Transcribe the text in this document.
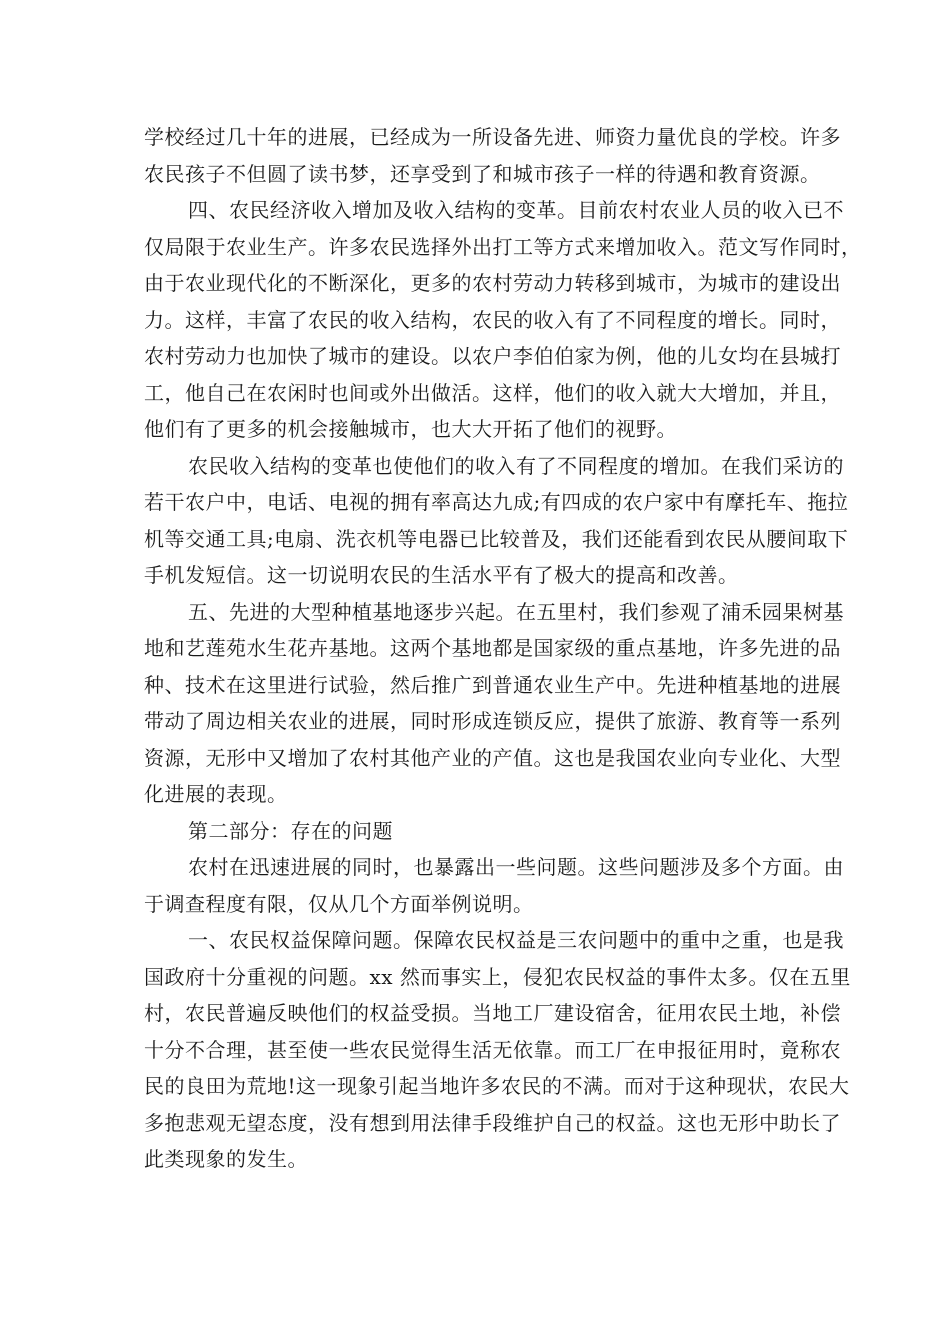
学校经过几十年的进展，已经成为一所设备先进、师资力量优良的学校。许多
农民孩子不但圆了读书梦，还享受到了和城市孩子一样的待遇和教育资源。
四、农民经济收入增加及收入结构的变革。目前农村农业人员的收入已不
仅局限于农业生产。许多农民选择外出打工等方式来增加收入。范文写作同时，
由于农业现代化的不断深化，更多的农村劳动力转移到城市，为城市的建设出
力。这样，丰富了农民的收入结构，农民的收入有了不同程度的增长。同时，
农村劳动力也加快了城市的建设。以农户李伯伯家为例，他的儿女均在县城打
工，他自己在农闲时也间或外出做活。这样，他们的收入就大大增加，并且，
他们有了更多的机会接触城市，也大大开拓了他们的视野。
农民收入结构的变革也使他们的收入有了不同程度的增加。在我们采访的
若干农户中，电话、电视的拥有率高达九成;有四成的农户家中有摩托车、拖拉
机等交通工具;电扇、洗衣机等电器已比较普及，我们还能看到农民从腰间取下
手机发短信。这一切说明农民的生活水平有了极大的提高和改善。
五、先进的大型种植基地逐步兴起。在五里村，我们参观了浦禾园果树基
地和艺莲苑水生花卉基地。这两个基地都是国家级的重点基地，许多先进的品
种、技术在这里进行试验，然后推广到普通农业生产中。先进种植基地的进展
带动了周边相关农业的进展，同时形成连锁反应，提供了旅游、教育等一系列
资源，无形中又增加了农村其他产业的产值。这也是我国农业向专业化、大型
化进展的表现。
第二部分：存在的问题
农村在迅速进展的同时，也暴露出一些问题。这些问题涉及多个方面。由
于调查程度有限，仅从几个方面举例说明。
一、农民权益保障问题。保障农民权益是三农问题中的重中之重，也是我
国政府十分重视的问题。xx 然而事实上，侵犯农民权益的事件太多。仅在五里
村，农民普遍反映他们的权益受损。当地工厂建设宿舍，征用农民土地，补偿
十分不合理，甚至使一些农民觉得生活无依靠。而工厂在申报征用时，竟称农
民的良田为荒地!这一现象引起当地许多农民的不满。而对于这种现状，农民大
多抱悲观无望态度，没有想到用法律手段维护自己的权益。这也无形中助长了
此类现象的发生。
